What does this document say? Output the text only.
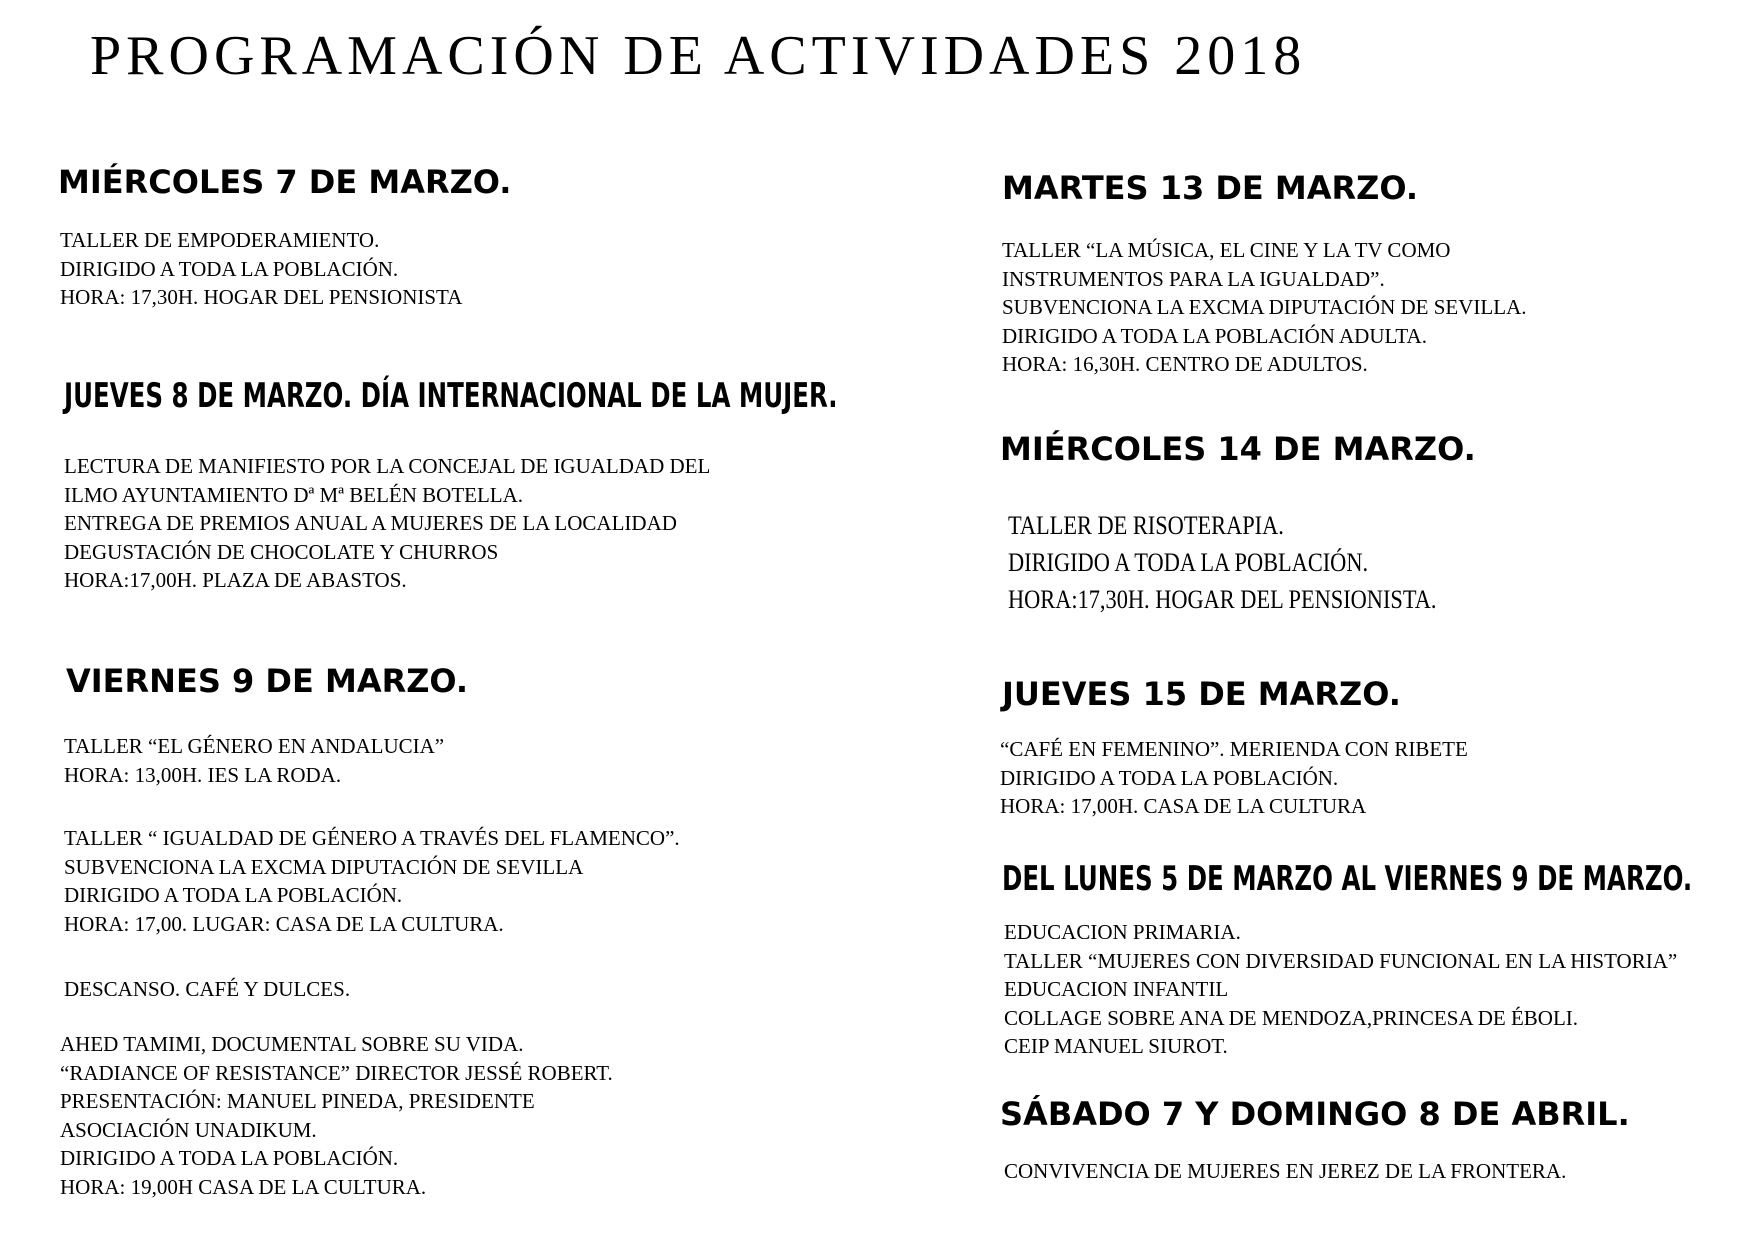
PROGRAMACIÓN DE ACTIVIDADES 2018
MIÉRCOLES 7 DE MARZO.
TALLER DE EMPODERAMIENTO.
DIRIGIDO A TODA LA POBLACIÓN.
HORA: 17,30H. HOGAR DEL PENSIONISTA
JUEVES 8 DE MARZO. DÍA INTERNACIONAL DE LA MUJER.
LECTURA DE MANIFIESTO POR LA CONCEJAL DE IGUALDAD DEL
ILMO AYUNTAMIENTO Dª Mª BELÉN BOTELLA.
ENTREGA DE PREMIOS ANUAL A MUJERES DE LA LOCALIDAD
DEGUSTACIÓN DE CHOCOLATE Y CHURROS
HORA:17,00H. PLAZA DE ABASTOS.
VIERNES 9 DE MARZO.
TALLER “EL GÉNERO EN ANDALUCIA”
HORA: 13,00H. IES LA RODA.
TALLER “ IGUALDAD DE GÉNERO A TRAVÉS DEL FLAMENCO”.
SUBVENCIONA LA EXCMA DIPUTACIÓN DE SEVILLA
DIRIGIDO A TODA LA POBLACIÓN.
HORA: 17,00. LUGAR: CASA DE LA CULTURA.
DESCANSO. CAFÉ Y DULCES.
AHED TAMIMI, DOCUMENTAL SOBRE SU VIDA.
“RADIANCE OF RESISTANCE” DIRECTOR JESSÉ ROBERT.
PRESENTACIÓN: MANUEL PINEDA, PRESIDENTE
ASOCIACIÓN UNADIKUM.
DIRIGIDO A TODA LA POBLACIÓN.
HORA: 19,00H CASA DE LA CULTURA.
MARTES 13 DE MARZO.
TALLER “LA MÚSICA, EL CINE Y LA TV COMO
INSTRUMENTOS PARA LA IGUALDAD”.
SUBVENCIONA LA EXCMA DIPUTACIÓN DE SEVILLA.
DIRIGIDO A TODA LA POBLACIÓN ADULTA.
HORA: 16,30H. CENTRO DE ADULTOS.
MIÉRCOLES 14 DE MARZO.
TALLER DE RISOTERAPIA.
DIRIGIDO A TODA LA POBLACIÓN.
HORA:17,30H. HOGAR DEL PENSIONISTA.
JUEVES 15 DE MARZO.
“CAFÉ EN FEMENINO”. MERIENDA CON RIBETE
DIRIGIDO A TODA LA POBLACIÓN.
HORA: 17,00H. CASA DE LA CULTURA
DEL LUNES 5 DE MARZO AL VIERNES 9 DE MARZO.
EDUCACION PRIMARIA.
TALLER “MUJERES CON DIVERSIDAD FUNCIONAL EN LA HISTORIA”
EDUCACION INFANTIL
COLLAGE SOBRE ANA DE MENDOZA,PRINCESA DE ÉBOLI.
CEIP MANUEL SIUROT.
SÁBADO 7 Y DOMINGO 8 DE ABRIL.
CONVIVENCIA DE MUJERES EN JEREZ DE LA FRONTERA.
